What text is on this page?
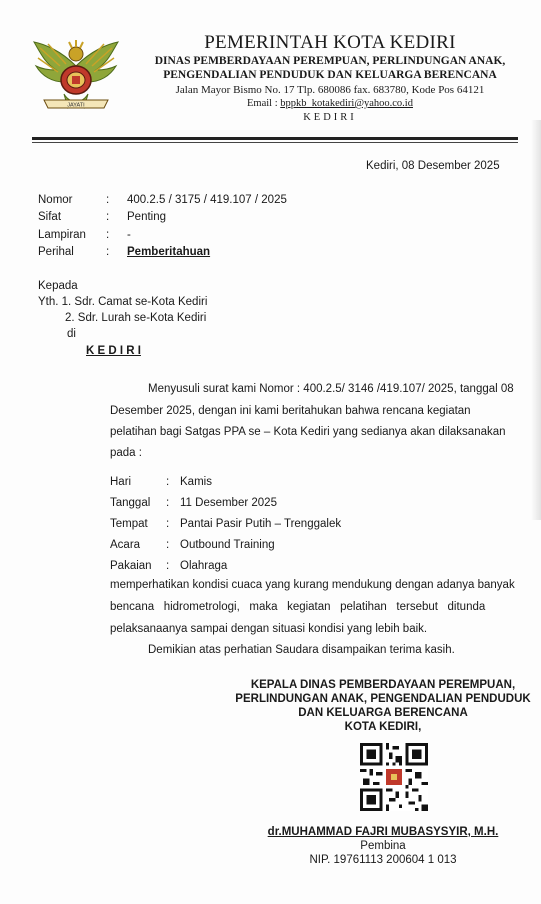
JAYATI
PEMERINTAH KOTA KEDIRI
DINAS PEMBERDAYAAN PEREMPUAN, PERLINDUNGAN ANAK,
PENGENDALIAN PENDUDUK DAN KELUARGA BERENCANA
Jalan Mayor Bismo No. 17 Tlp. 680086 fax. 683780, Kode Pos 64121
Email : bppkb_kotakediri@yahoo.co.id
KEDIRI
Kediri, 08 Desember 2025
Nomor	: 400.2.5 / 3175 / 419.107 / 2025
Sifat	: Penting
Lampiran : -
Perihal	: Pemberitahuan
Kepada
Yth. 1. Sdr. Camat se-Kota Kediri
2. Sdr. Lurah se-Kota Kediri
di
K E D I R I
Menyusuli surat kami Nomor : 400.2.5/ 3146 /419.107/ 2025, tanggal 08
Desember 2025, dengan ini kami beritahukan bahwa rencana kegiatan
pelatihan bagi Satgas PPA se – Kota Kediri yang sedianya akan dilaksanakan
pada :
Hari	: Kamis
Tanggal : 11 Desember 2025
Tempat : Pantai Pasir Putih – Trenggalek
Acara : Outbound Training
Pakaian : Olahraga
memperhatikan kondisi cuaca yang kurang mendukung dengan adanya banyak
bencana   hidrometrologi,   maka   kegiatan   pelatihan   tersebut   ditunda
pelaksanaanya sampai dengan situasi kondisi yang lebih baik.
Demikian atas perhatian Saudara disampaikan terima kasih.
KEPALA DINAS PEMBERDAYAAN PEREMPUAN,
PERLINDUNGAN ANAK, PENGENDALIAN PENDUDUK
DAN KELUARGA BERENCANA
KOTA KEDIRI,
dr.MUHAMMAD FAJRI MUBASYSYIR, M.H.
Pembina
NIP. 19761113 200604 1 013
